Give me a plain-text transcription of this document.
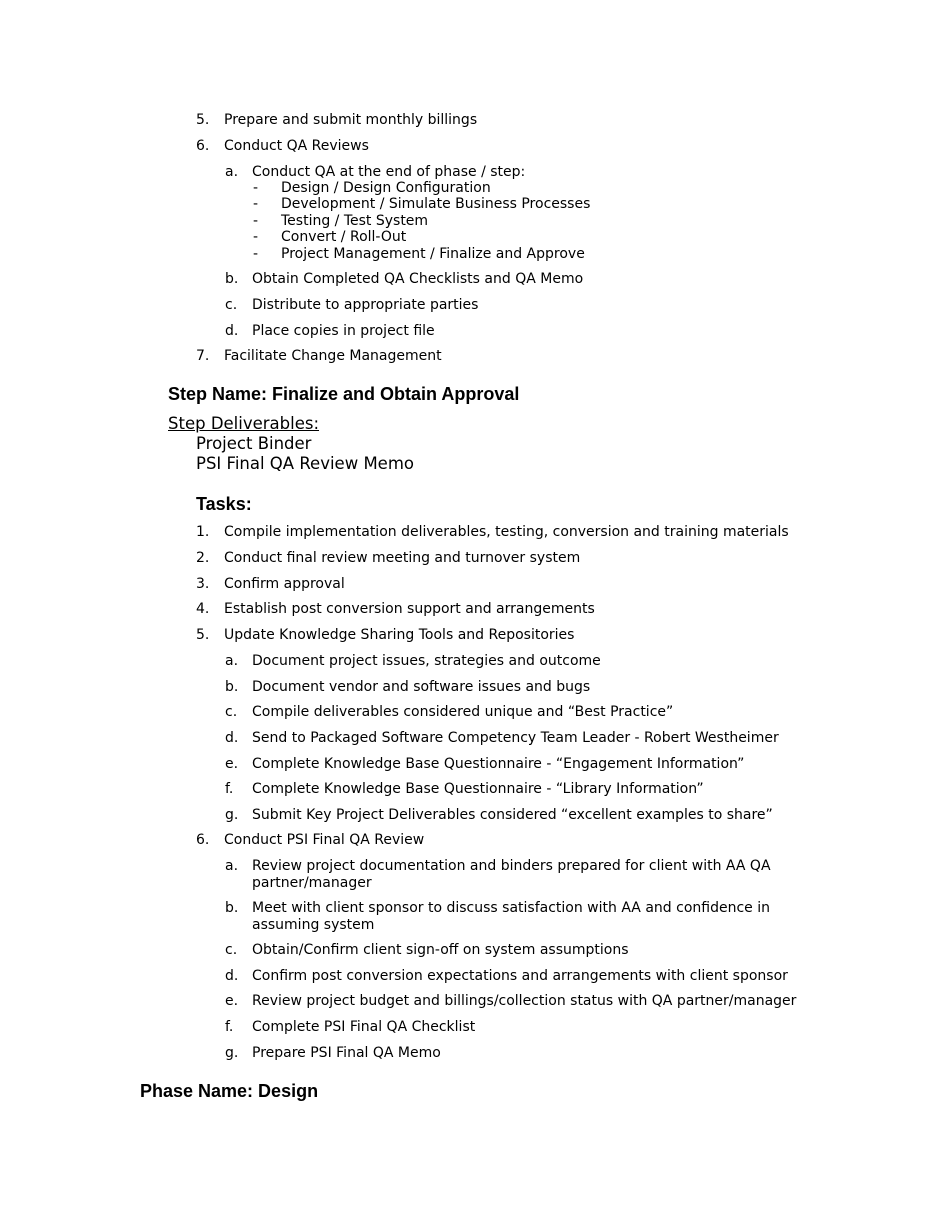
5. Prepare and submit monthly billings
6. Conduct QA Reviews
a. Conduct QA at the end of phase / step:
- Design / Design Configuration
- Development / Simulate Business Processes
- Testing / Test System
- Convert / Roll-Out
- Project Management / Finalize and Approve
b. Obtain Completed QA Checklists and QA Memo
c. Distribute to appropriate parties
d. Place copies in project file
7. Facilitate Change Management
Step Name: Finalize and Obtain Approval
Step Deliverables:
Project Binder
PSI Final QA Review Memo
Tasks:
1. Compile implementation deliverables, testing, conversion and training materials
2. Conduct final review meeting and turnover system
3. Confirm approval
4. Establish post conversion support and arrangements
5. Update Knowledge Sharing Tools and Repositories
a. Document project issues, strategies and outcome
b. Document vendor and software issues and bugs
c. Compile deliverables considered unique and “Best Practice”
d. Send to Packaged Software Competency Team Leader - Robert Westheimer
e. Complete Knowledge Base Questionnaire - “Engagement Information”
f. Complete Knowledge Base Questionnaire - “Library Information”
g. Submit Key Project Deliverables considered “excellent examples to share”
6. Conduct PSI Final QA Review
a. Review project documentation and binders prepared for client with AA QA
partner/manager
b. Meet with client sponsor to discuss satisfaction with AA and confidence in
assuming system
c. Obtain/Confirm client sign-off on system assumptions
d. Confirm post conversion expectations and arrangements with client sponsor
e. Review project budget and billings/collection status with QA partner/manager
f. Complete PSI Final QA Checklist
g. Prepare PSI Final QA Memo
Phase Name: Design
